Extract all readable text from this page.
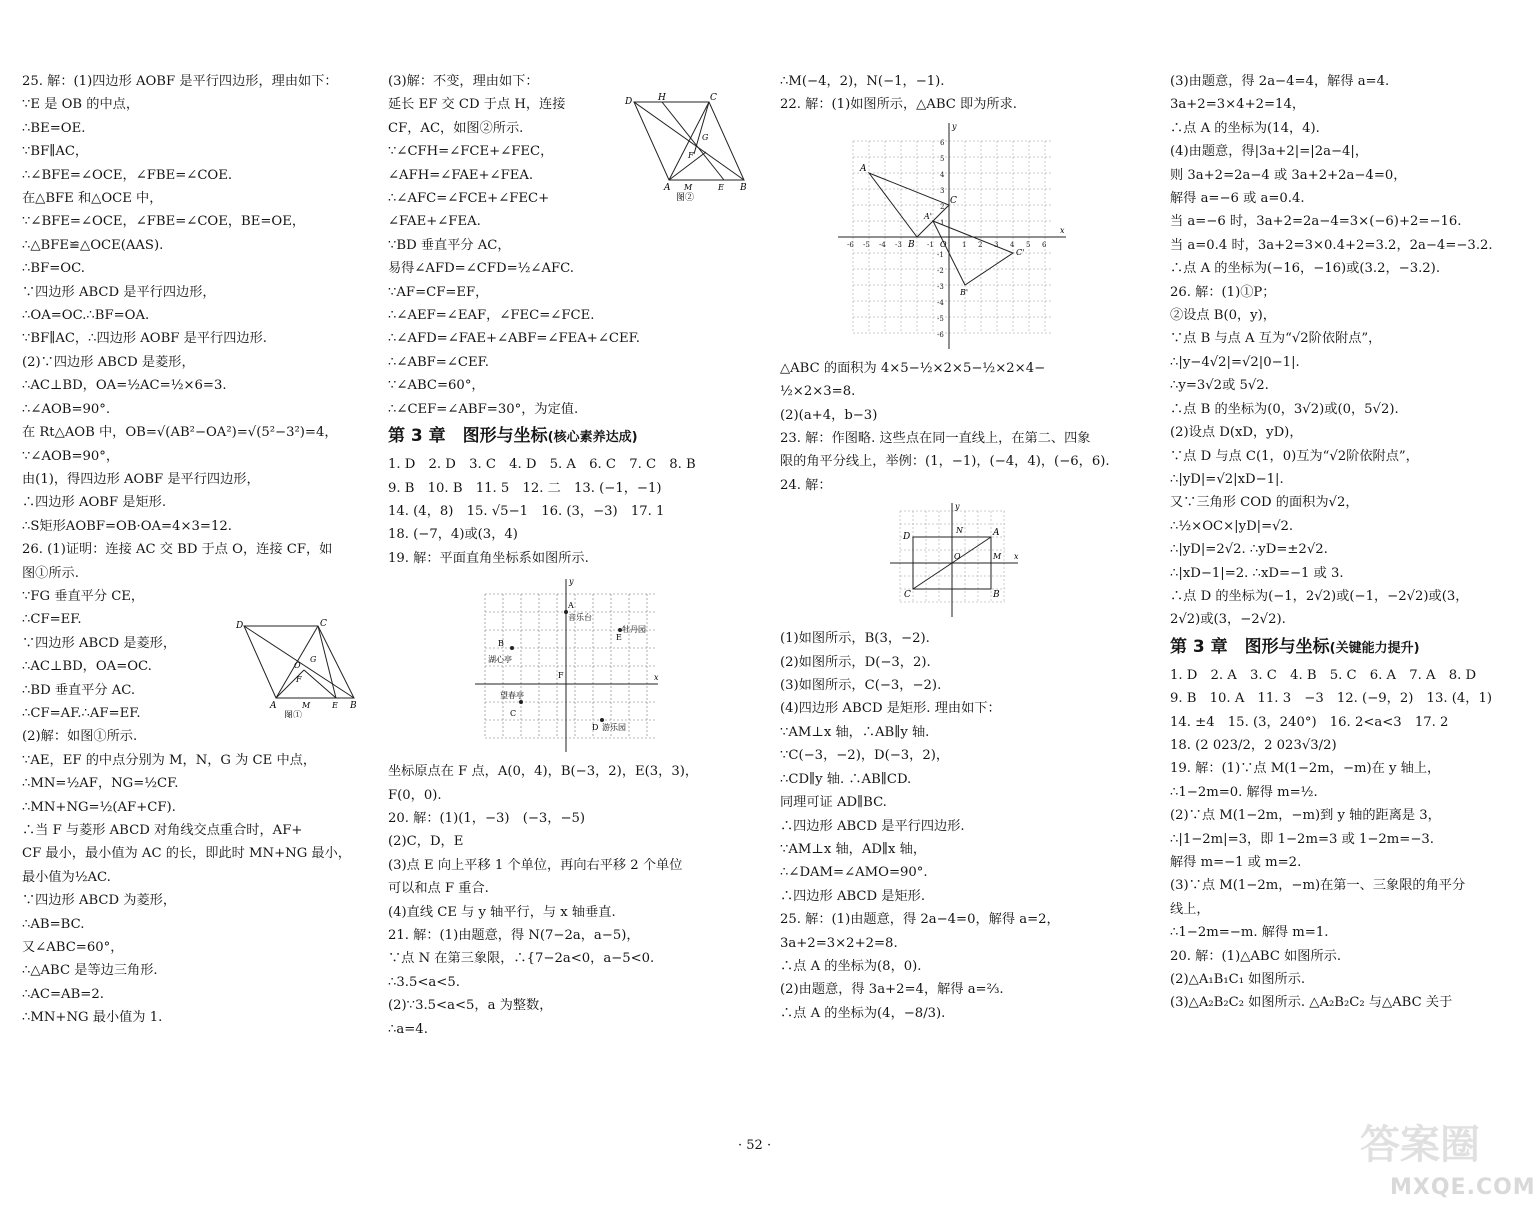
25. 解：(1)四边形 AOBF 是平行四边形，理由如下：
∵E 是 OB 的中点，
∴BE=OE.
∵BF∥AC，
∴∠BFE=∠OCE，∠FBE=∠COE.
在△BFE 和△OCE 中，
∵∠BFE=∠OCE，∠FBE=∠COE，BE=OE，
∴△BFE≌△OCE(AAS).
∴BF=OC.
∵四边形 ABCD 是平行四边形，
∴OA=OC.∴BF=OA.
∵BF∥AC，∴四边形 AOBF 是平行四边形.
(2)∵四边形 ABCD 是菱形，
∴AC⊥BD，OA=½AC=½×6=3.
∴∠AOB=90°.
在 Rt△AOB 中，OB=√(AB²−OA²)=√(5²−3²)=4，
∵∠AOB=90°，
由(1)，得四边形 AOBF 是平行四边形，
∴四边形 AOBF 是矩形.
∴S矩形AOBF=OB·OA=4×3=12.
26. (1)证明：连接 AC 交 BD 于点 O，连接 CF，如
图①所示.
∵FG 垂直平分 CE，
∴CF=EF.
∵四边形 ABCD 是菱形，
∴AC⊥BD，OA=OC.
∴BD 垂直平分 AC.
∴CF=AF.∴AF=EF.
(2)解：如图①所示.
∵AE，EF 的中点分别为 M，N，G 为 CE 中点，
∴MN=½AF，NG=½CF.
∴MN+NG=½(AF+CF).
∴当 F 与菱形 ABCD 对角线交点重合时，AF+
CF 最小，最小值为 AC 的长，即此时 MN+NG 最小，
最小值为½AC.
∵四边形 ABCD 为菱形，
∴AB=BC.
又∠ABC=60°，
∴△ABC 是等边三角形.
∴AC=AB=2.
∴MN+NG 最小值为 1.
D	C
A	B
O
F
G
M	E
图①
(3)解：不变，理由如下：
延长 EF 交 CD 于点 H，连接
CF，AC，如图②所示.
∵∠CFH=∠FCE+∠FEC，
∠AFH=∠FAE+∠FEA.
∴∠AFC=∠FCE+∠FEC+
∠FAE+∠FEA.
∵BD 垂直平分 AC，
易得∠AFD=∠CFD=½∠AFC.
∵AF=CF=EF，
∴∠AEF=∠EAF，∠FEC=∠FCE.
∴∠AFD=∠FAE+∠ABF=∠FEA+∠CEF.
∴∠ABF=∠CEF.
∵∠ABC=60°，
∴∠CEF=∠ABF=30°，为定值.
第 3 章　图形与坐标(核心素养达成)
1. D　2. D　3. C　4. D　5. A　6. C　7. C　8. B
9. B　10. B　11. 5　12. 二　13. (−1，−1)
14. (4，8)　15. √5−1　16. (3，−3)　17. 1
18. (−7，4)或(3，4)
19. 解：平面直角坐标系如图所示.
x
y
A
音乐台
B
湖心亭
E
牡丹园
F
C
望春亭
D 游乐园
坐标原点在 F 点，A(0，4)，B(−3，2)，E(3，3)，
F(0，0).
20. 解：(1)(1，−3)　(−3，−5)
(2)C，D，E
(3)点 E 向上平移 1 个单位，再向右平移 2 个单位
可以和点 F 重合.
(4)直线 CE 与 y 轴平行，与 x 轴垂直.
21. 解：(1)由题意，得 N(7−2a，a−5)，
∵点 N 在第三象限，∴{7−2a<0，a−5<0.
∴3.5<a<5.
(2)∵3.5<a<5，a 为整数，
∴a=4.
D	H	C
A	B
M	E
G
F
图②
∴M(−4，2)，N(−1，−1).
22. 解：(1)如图所示，△ABC 即为所求.
A
B
C
A'
C'
B'
O
x
y
-6 -5 -4 -3	-1	1 2 3 4 5 6
6
5
4
3
2
1
-1
-2
-3
-4
-5
-6
△ABC 的面积为 4×5−½×2×5−½×2×4−
½×2×3=8.
(2)(a+4，b−3)
23. 解：作图略. 这些点在同一直线上，在第二、四象
限的角平分线上，举例：(1，−1)，(−4，4)，(−6，6).
24. 解：
D	A
C	B
M
O
N
x
y
(1)如图所示，B(3，−2).
(2)如图所示，D(−3，2).
(3)如图所示，C(−3，−2).
(4)四边形 ABCD 是矩形. 理由如下：
∵AM⊥x 轴，∴AB∥y 轴.
∵C(−3，−2)，D(−3，2)，
∴CD∥y 轴. ∴AB∥CD.
同理可证 AD∥BC.
∴四边形 ABCD 是平行四边形.
∵AM⊥x 轴，AD∥x 轴，
∴∠DAM=∠AMO=90°.
∴四边形 ABCD 是矩形.
25. 解：(1)由题意，得 2a−4=0，解得 a=2，
3a+2=3×2+2=8.
∴点 A 的坐标为(8，0).
(2)由题意，得 3a+2=4，解得 a=⅔.
∴点 A 的坐标为(4，−8/3).
(3)由题意，得 2a−4=4，解得 a=4.
3a+2=3×4+2=14，
∴点 A 的坐标为(14，4).
(4)由题意，得|3a+2|=|2a−4|，
则 3a+2=2a−4 或 3a+2+2a−4=0，
解得 a=−6 或 a=0.4.
当 a=−6 时，3a+2=2a−4=3×(−6)+2=−16.
当 a=0.4 时，3a+2=3×0.4+2=3.2，2a−4=−3.2.
∴点 A 的坐标为(−16，−16)或(3.2，−3.2).
26. 解：(1)①P；
②设点 B(0，y)，
∵点 B 与点 A 互为“√2阶依附点”，
∴|y−4√2|=√2|0−1|.
∴y=3√2或 5√2.
∴点 B 的坐标为(0，3√2)或(0，5√2).
(2)设点 D(xD，yD)，
∵点 D 与点 C(1，0)互为“√2阶依附点”，
∴|yD|=√2|xD−1|.
又∵三角形 COD 的面积为√2，
∴½×OC×|yD|=√2.
∴|yD|=2√2. ∴yD=±2√2.
∴|xD−1|=2. ∴xD=−1 或 3.
∴点 D 的坐标为(−1，2√2)或(−1，−2√2)或(3，
2√2)或(3，−2√2).
第 3 章　图形与坐标(关键能力提升)
1. D　2. A　3. C　4. B　5. C　6. A　7. A　8. D
9. B　10. A　11. 3　−3　12. (−9，2)　13. (4，1)
14. ±4　15. (3，240°)　16. 2<a<3　17. 2
18. (2 023/2，2 023√3/2)
19. 解：(1)∵点 M(1−2m，−m)在 y 轴上，
∴1−2m=0. 解得 m=½.
(2)∵点 M(1−2m，−m)到 y 轴的距离是 3，
∴|1−2m|=3，即 1−2m=3 或 1−2m=−3.
解得 m=−1 或 m=2.
(3)∵点 M(1−2m，−m)在第一、三象限的角平分
线上，
∴1−2m=−m. 解得 m=1.
20. 解：(1)△ABC 如图所示.
(2)△A₁B₁C₁ 如图所示.
(3)△A₂B₂C₂ 如图所示. △A₂B₂C₂ 与△ABC 关于
· 52 ·	答案圈
MXQE.COM
